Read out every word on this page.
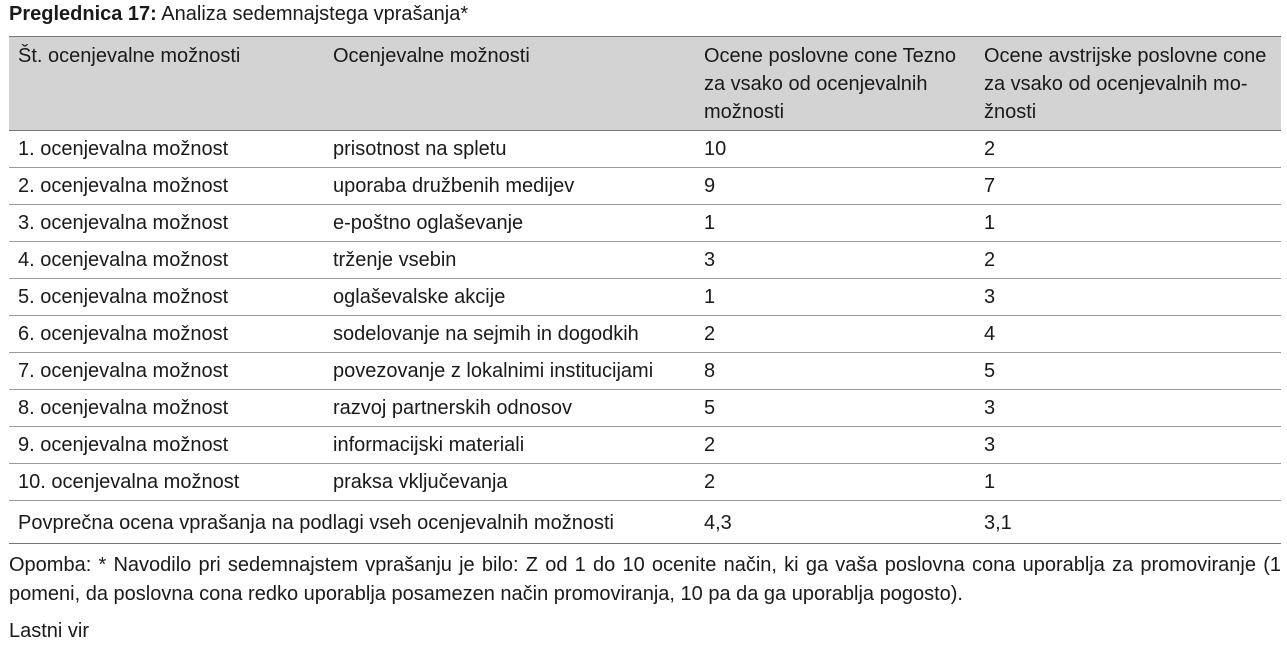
Preglednica 17: Analiza sedemnajstega vprašanja*
Št. ocenjevalne možnosti	Ocenjevalne možnosti	Ocene poslovne cone Tezno za vsako od ocenjevalnih možnosti	Ocene avstrijske poslovne cone za vsako od ocenjevalnih mo-žnosti
1. ocenjevalna možnost	prisotnost na spletu	10	2
2. ocenjevalna možnost	uporaba družbenih medijev	9	7
3. ocenjevalna možnost	e-poštno oglaševanje	1	1
4. ocenjevalna možnost	trženje vsebin	3	2
5. ocenjevalna možnost	oglaševalske akcije	1	3
6. ocenjevalna možnost	sodelovanje na sejmih in dogodkih	2	4
7. ocenjevalna možnost	povezovanje z lokalnimi institucijami	8	5
8. ocenjevalna možnost	razvoj partnerskih odnosov	5	3
9. ocenjevalna možnost	informacijski materiali	2	3
10. ocenjevalna možnost	praksa vključevanja	2	1
Povprečna ocena vprašanja na podlagi vseh ocenjevalnih možnosti		4,3	3,1
Opomba: * Navodilo pri sedemnajstem vprašanju je bilo: Z od 1 do 10 ocenite način, ki ga vaša poslovna cona uporablja za promoviranje (1 pomeni, da poslovna cona redko uporablja posamezen način promoviranja, 10 pa da ga uporablja pogosto).
Lastni vir
